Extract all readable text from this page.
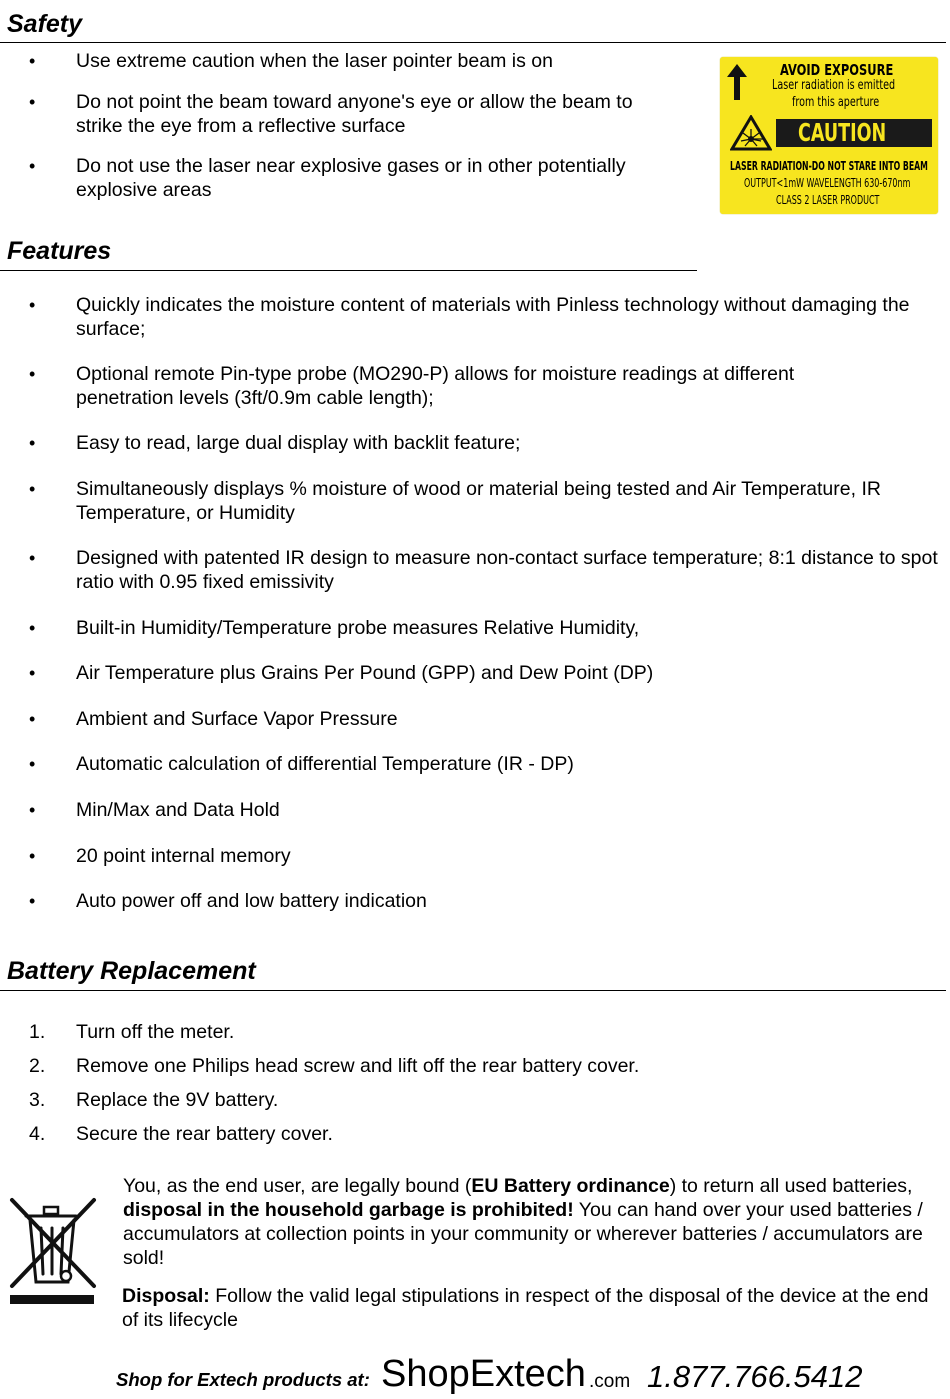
Safety
• Use extreme caution when the laser pointer beam is on
• Do not point the beam toward anyone's eye or allow the beam to strike the eye from a reflective surface
• Do not use the laser near explosive gases or in other potentially explosive areas
AVOID EXPOSURE
Laser radiation is emitted
from this aperture
CAUTION
LASER RADIATION-DO NOT STARE INTO BEAM
OUTPUT<1mW WAVELENGTH 630-670nm
CLASS 2 LASER PRODUCT
Features
• Quickly indicates the moisture content of materials with Pinless technology without damaging the surface;
• Optional remote Pin-type probe (MO290-P) allows for moisture readings at different penetration levels (3ft/0.9m cable length);
• Easy to read, large dual display with backlit feature;
• Simultaneously displays % moisture of wood or material being tested and Air Temperature, IR Temperature, or Humidity
• Designed with patented IR design to measure non-contact surface temperature; 8:1 distance to spot ratio with 0.95 fixed emissivity
• Built-in Humidity/Temperature probe measures Relative Humidity,
• Air Temperature plus Grains Per Pound (GPP) and Dew Point (DP)
• Ambient and Surface Vapor Pressure
• Automatic calculation of differential Temperature (IR - DP)
• Min/Max and Data Hold
• 20 point internal memory
• Auto power off and low battery indication
Battery Replacement
1. Turn off the meter.
2. Remove one Philips head screw and lift off the rear battery cover.
3. Replace the 9V battery.
4. Secure the rear battery cover.

You, as the end user, are legally bound (EU Battery ordinance) to return all used batteries, disposal in the household garbage is prohibited! You can hand over your used batteries / accumulators at collection points in your community or wherever batteries / accumulators are sold!

Disposal: Follow the valid legal stipulations in respect of the disposal of the device at the end of its lifecycle

Shop for Extech products at: ShopExtech .com 1.877.766.5412
